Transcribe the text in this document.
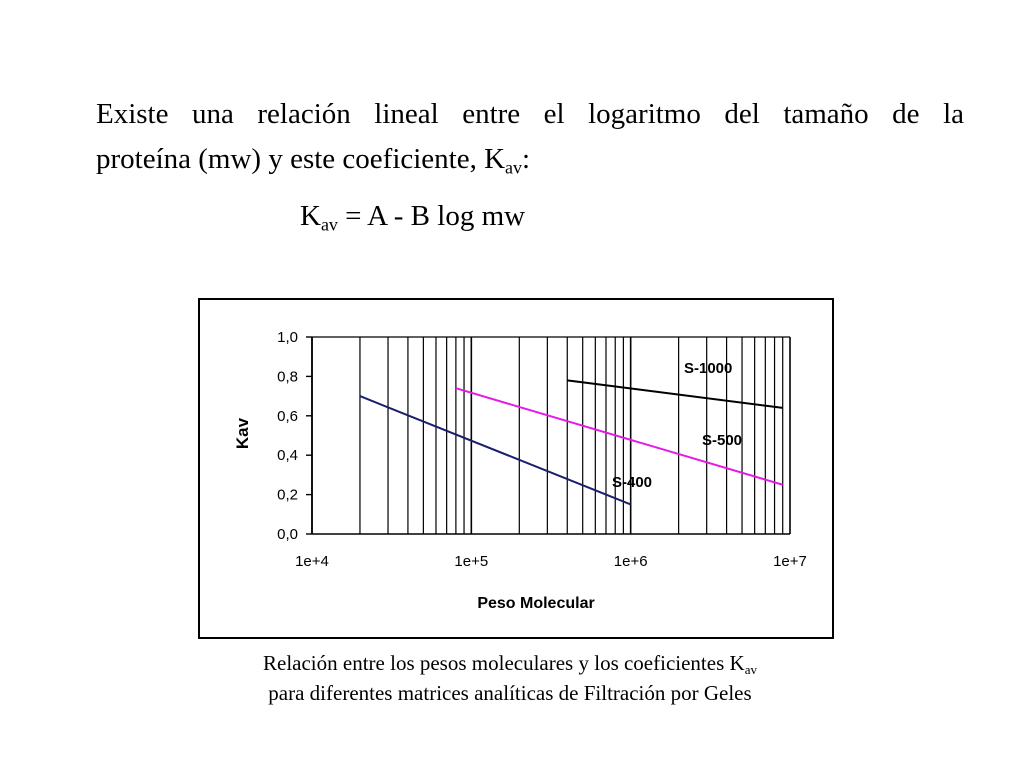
Existe una relación lineal entre el logaritmo del tamaño de la
proteína (mw) y este coeficiente, $K_{av}$:
$K_{av} = A - B$ log mw
0,0
0,2
0,4
0,6
0,8
1,0
1e+4	1e+5	1e+6	1e+7
Peso Molecular
Kav
S-400
S-500
S-1000
Relación entre los pesos moleculares y los coeficientes $K_{av}$
para diferentes matrices analíticas de Filtración por Geles
